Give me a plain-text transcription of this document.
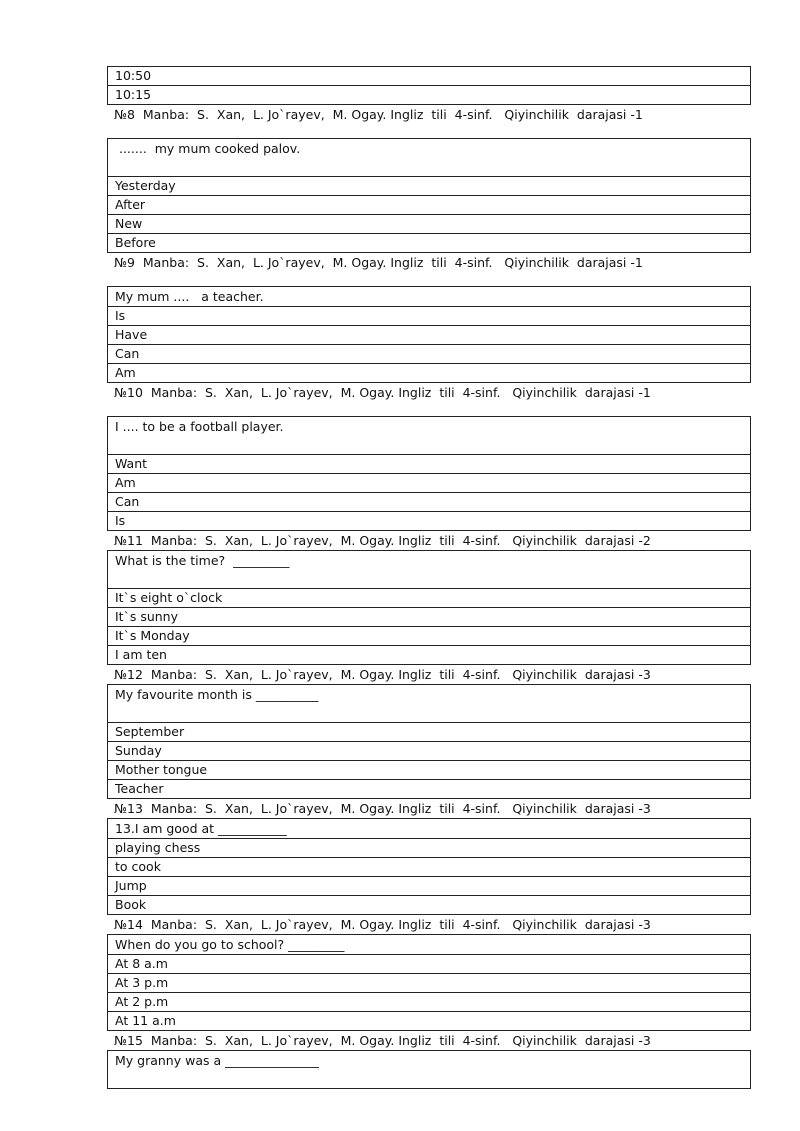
10:50
10:15
№8  Manba:  S.  Xan,  L. Jo`rayev,  M. Ogay. Ingliz  tili  4-sinf.   Qiyinchilik  darajasi -1
.......  my mum cooked palov.
Yesterday
After
New
Before
№9  Manba:  S.  Xan,  L. Jo`rayev,  M. Ogay. Ingliz  tili  4-sinf.   Qiyinchilik  darajasi -1
My mum ....   a teacher.
Is
Have
Can
Am
№10  Manba:  S.  Xan,  L. Jo`rayev,  M. Ogay. Ingliz  tili  4-sinf.   Qiyinchilik  darajasi -1
I .... to be a football player.
Want
Am
Can
Is
№11  Manba:  S.  Xan,  L. Jo`rayev,  M. Ogay. Ingliz  tili  4-sinf.   Qiyinchilik  darajasi -2
What is the time?  _________
It`s eight o`clock
It`s sunny
It`s Monday
I am ten
№12  Manba:  S.  Xan,  L. Jo`rayev,  M. Ogay. Ingliz  tili  4-sinf.   Qiyinchilik  darajasi -3
My favourite month is __________
September
Sunday
Mother tongue
Teacher
№13  Manba:  S.  Xan,  L. Jo`rayev,  M. Ogay. Ingliz  tili  4-sinf.   Qiyinchilik  darajasi -3
13.I am good at ___________
playing chess
to cook
Jump
Book
№14  Manba:  S.  Xan,  L. Jo`rayev,  M. Ogay. Ingliz  tili  4-sinf.   Qiyinchilik  darajasi -3
When do you go to school? _________
At 8 a.m
At 3 p.m
At 2 p.m
At 11 a.m
№15  Manba:  S.  Xan,  L. Jo`rayev,  M. Ogay. Ingliz  tili  4-sinf.   Qiyinchilik  darajasi -3
My granny was a _______________
